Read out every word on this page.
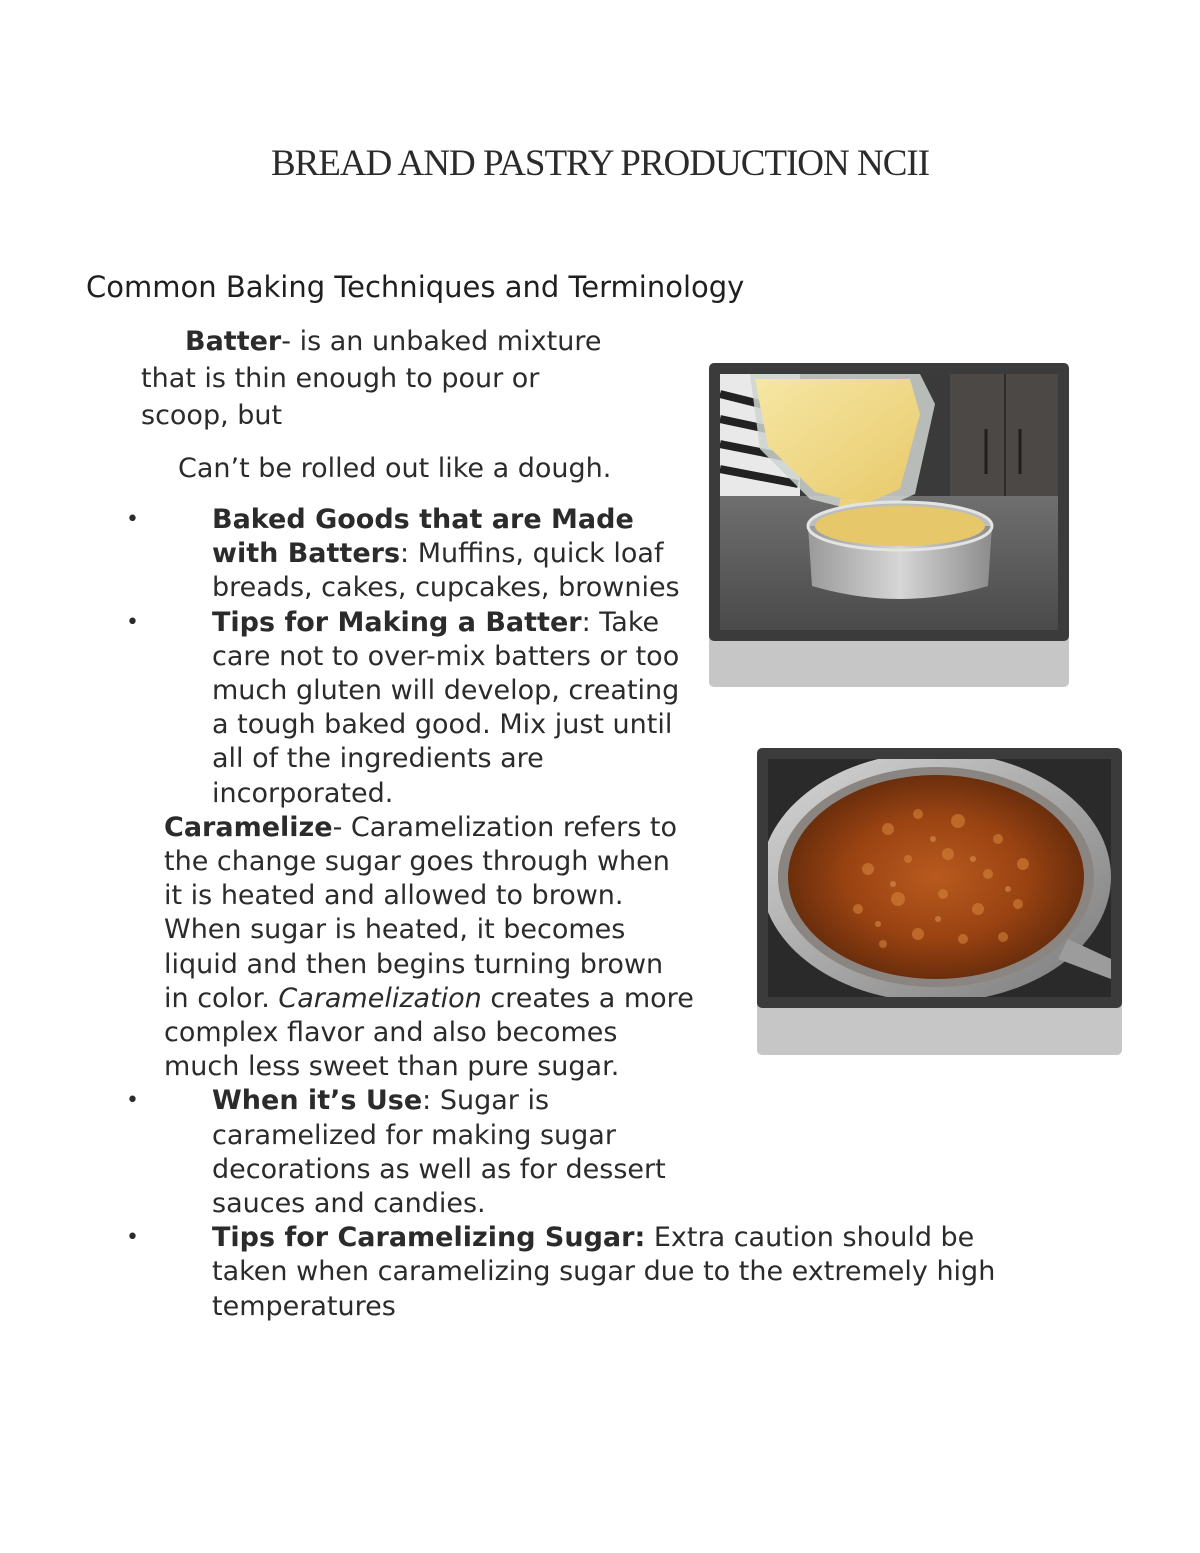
BREAD AND PASTRY PRODUCTION NCII
Common Baking Techniques and Terminology
Batter- is an unbaked mixture
that is thin enough to pour or
scoop, but
Can’t be rolled out like a dough.
•	Baked Goods that are Made with Batters: Muffins, quick loaf breads, cakes, cupcakes, brownies
•	Tips for Making a Batter: Take care not to over-mix batters or too much gluten will develop, creating a tough baked good. Mix just until all of the ingredients are incorporated.
Caramelize- Caramelization refers to the change sugar goes through when it is heated and allowed to brown. When sugar is heated, it becomes liquid and then begins turning brown in color. Caramelization creates a more complex flavor and also becomes much less sweet than pure sugar.
•	When it’s Use: Sugar is caramelized for making sugar decorations as well as for dessert sauces and candies.
•	Tips for Caramelizing Sugar: Extra caution should be taken when caramelizing sugar due to the extremely high temperatures
